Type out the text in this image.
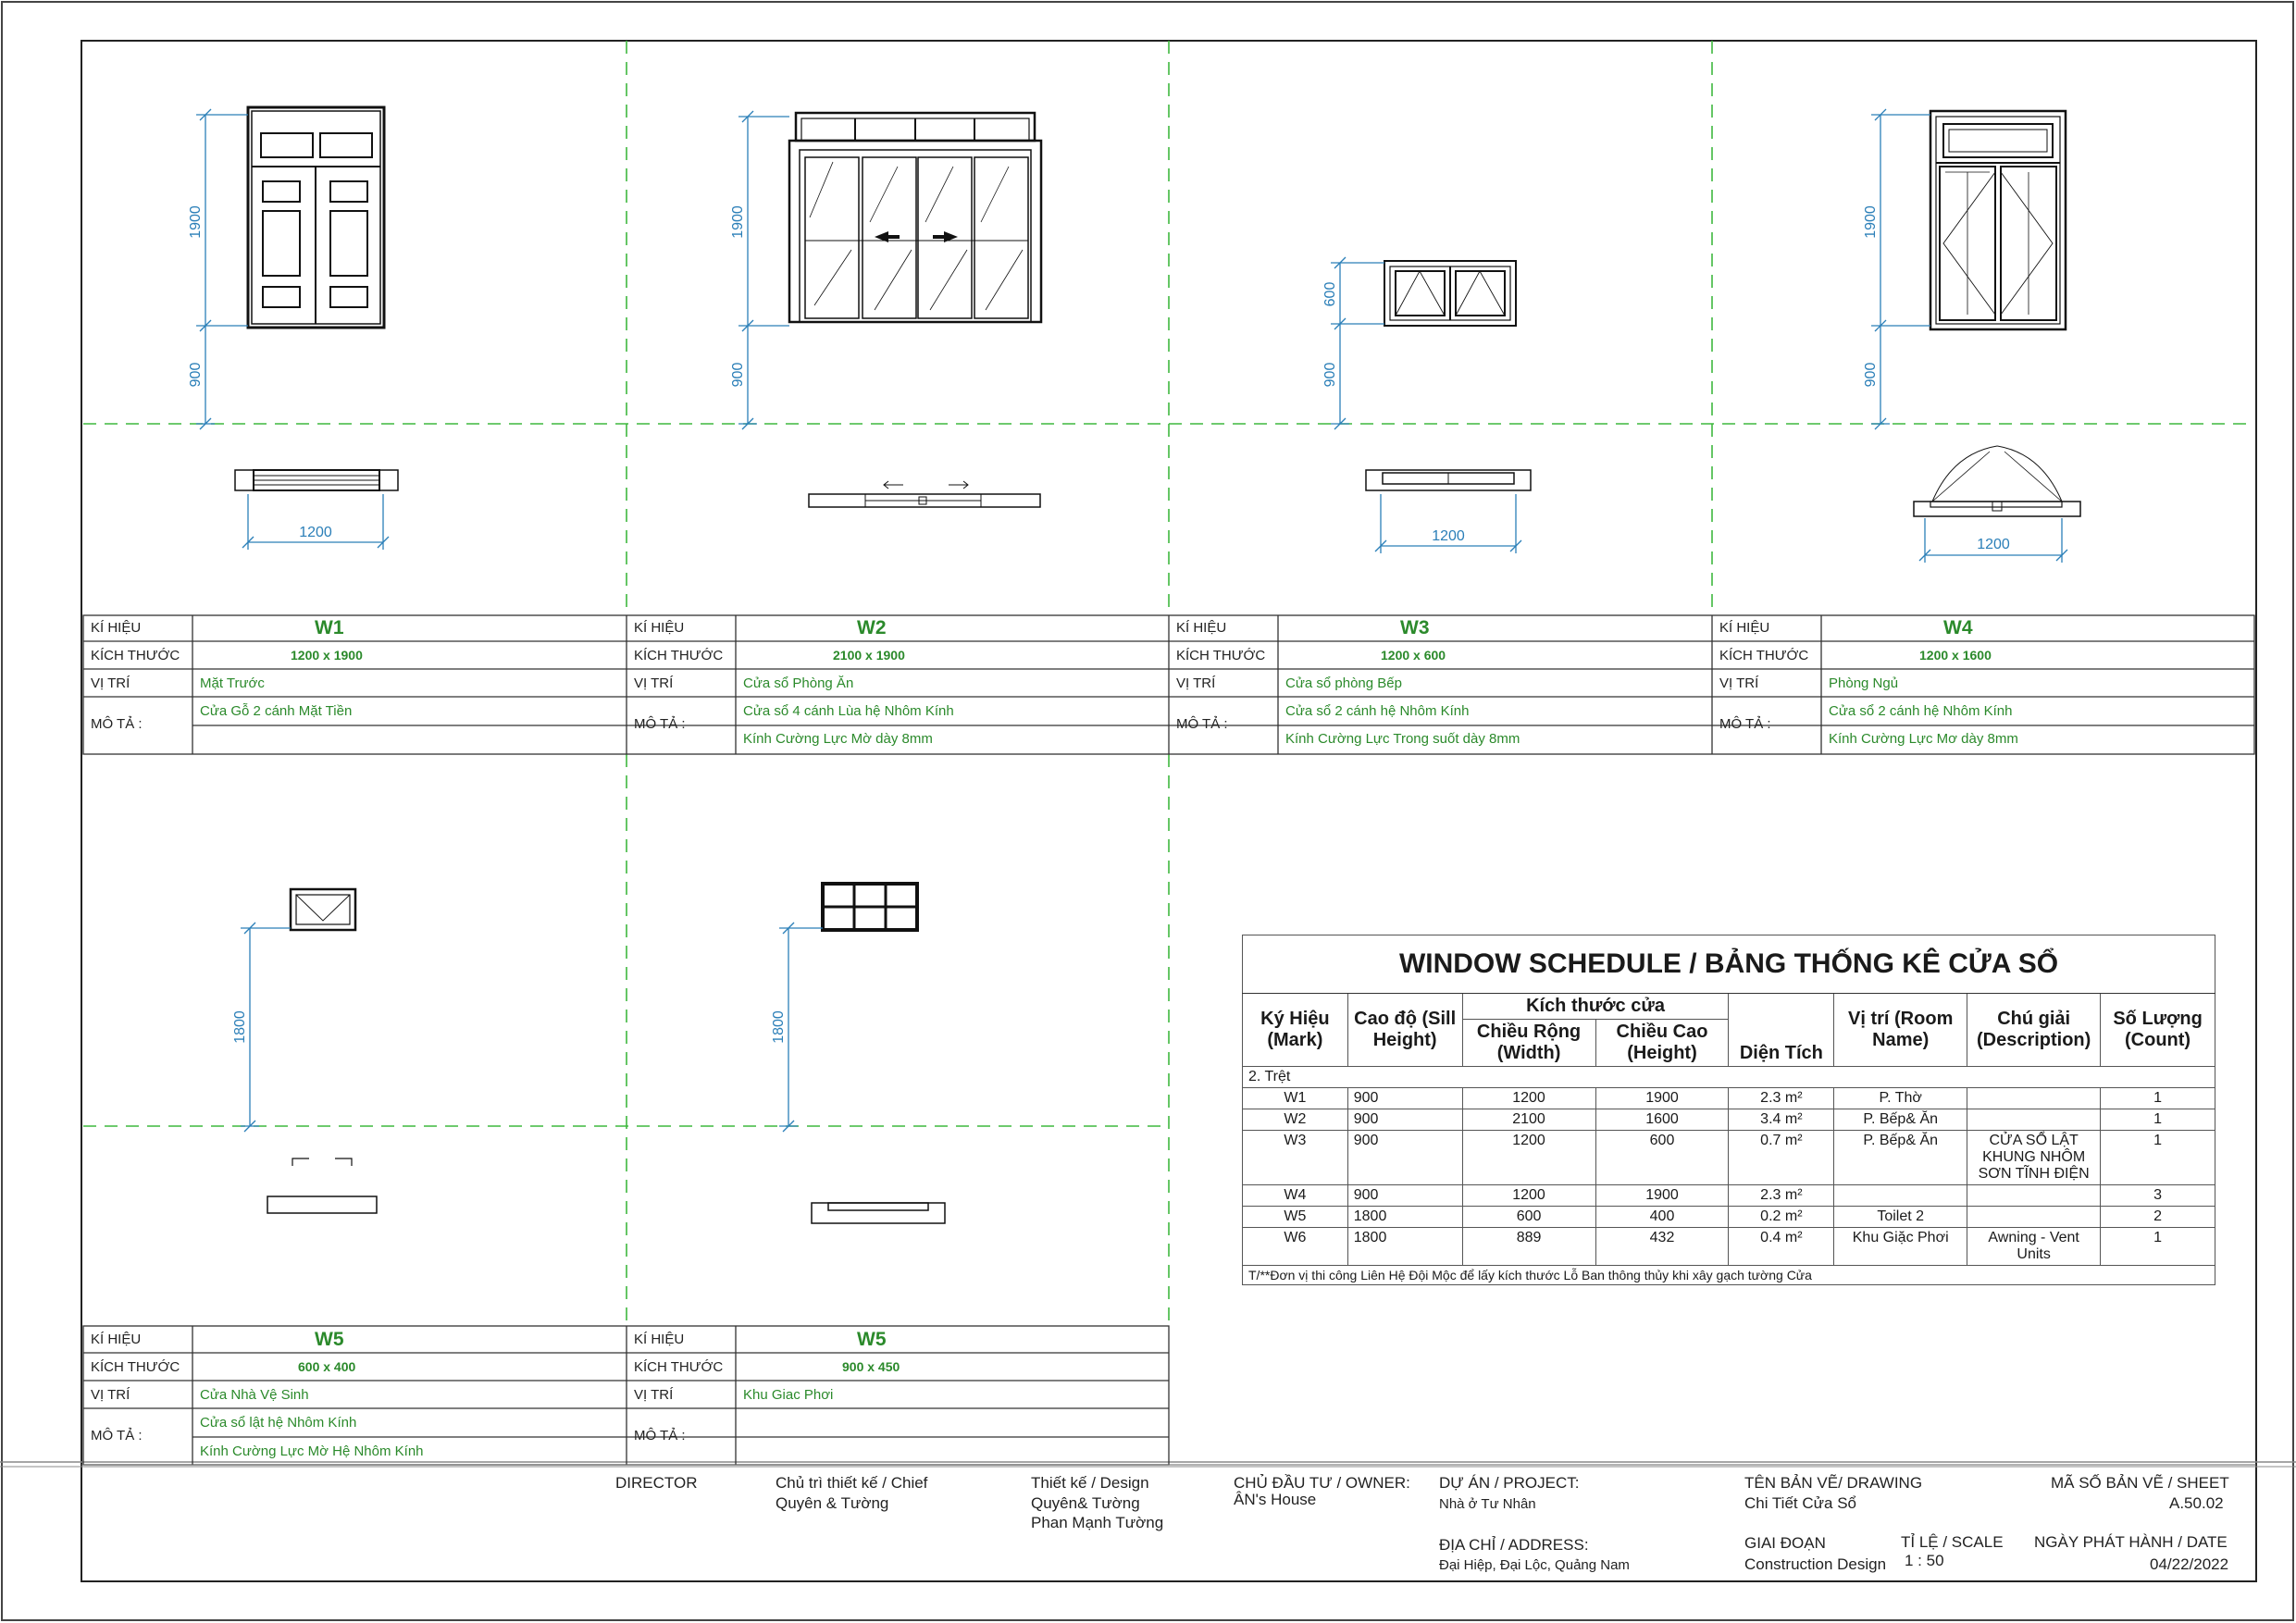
1900
900
1200
1900
900
600
900
1200
1900
900
1200
1800	1800
KÍ HIỆU	W1
KÍCH THƯỚC	1200 x 1900
VỊ TRÍ	Mặt Trước
MÔ TẢ :
Cửa Gỗ 2 cánh Mặt Tiền
KÍ HIỆU	W2
KÍCH THƯỚC	2100 x 1900
VỊ TRÍ	Cửa sổ Phòng Ăn
MÔ TẢ :
Cửa sổ 4 cánh Lùa hệ Nhôm Kính
Kính Cường Lực Mờ dày 8mm
KÍ HIỆU	W3
KÍCH THƯỚC	1200 x 600
VỊ TRÍ	Cửa sổ phòng Bếp
MÔ TẢ :
Cửa sổ 2 cánh hệ Nhôm Kính
Kính Cường Lực Trong suốt dày 8mm
KÍ HIỆU	W4
KÍCH THƯỚC	1200 x 1600
VỊ TRÍ	Phòng Ngủ
MÔ TẢ :
Cửa sổ 2 cánh hệ Nhôm Kính
Kính Cường Lực Mơ dày 8mm
KÍ HIỆU	W5
KÍCH THƯỚC	600 x 400
VỊ TRÍ	Cửa Nhà Vệ Sinh
MÔ TẢ :
Cửa sổ lật hệ Nhôm Kính
Kính Cường Lực Mờ Hệ Nhôm Kính
KÍ HIỆU	W5
KÍCH THƯỚC	900 x 450
VỊ TRÍ	Khu Giac Phơi
MÔ TẢ :
WINDOW SCHEDULE / BẢNG THỐNG KÊ CỬA SỔ							
Ký Hiệu (Mark)	Cao độ (Sill Height)	Kích thước cửa		Diện Tích	Vị trí (Room Name)	Chú giải (Description)	Số Lượng (Count)
		Chiều Rộng (Width)	Chiều Cao (Height)				
2. Trệt							
W1	900	1200	1900	2.3 m²	P. Thờ		1
W2	900	2100	1600	3.4 m²	P. Bếp& Ăn		1
W3	900	1200	600	0.7 m²	P. Bếp& Ăn	CỬA SỔ LẬT KHUNG NHÔM SƠN TĨNH ĐIỆN	1
W4	900	1200	1900	2.3 m²			3
W5	1800	600	400	0.2 m²	Toilet 2		2
W6	1800	889	432	0.4 m²	Khu Giặc Phơi	Awning - Vent Units	1
T/**Đơn vị thi công Liên Hệ Đội Mộc để lấy kích thước Lỗ Ban thông thủy khi xây gạch tường Cửa							
DIRECTOR	Chủ trì thiết kế / Chief
Quyên & Tường
Thiết kế / Design
Quyên& Tường
Phan Mạnh Tường
CHỦ ĐẦU TƯ / OWNER:
ÂN's House
DỰ ÁN / PROJECT:
Nhà ở Tư Nhân
ĐỊA CHỈ / ADDRESS:
Đại Hiệp, Đại Lộc, Quảng Nam
TÊN BẢN VẼ/ DRAWING
Chi Tiết Cửa Sổ
GIAI ĐOẠN
Construction Design
TỈ LỆ / SCALE
1 : 50
MÃ SỐ BẢN VẼ / SHEET
A.50.02
NGÀY PHÁT HÀNH / DATE
04/22/2022
